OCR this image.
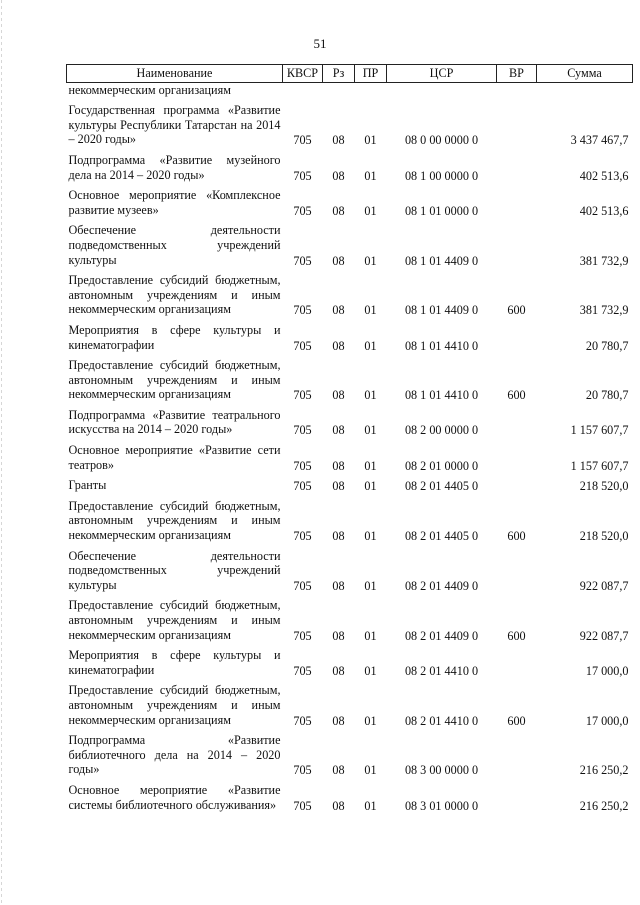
51
Наименование	КВСР	Рз	ПР	ЦСР	ВР	Сумма
некоммерческим организациям						
Государственная программа «Развитие культуры Республики Татарстан на 2014 – 2020 годы»	705	08	01	08 0 00 0000 0		3 437 467,7
Подпрограмма «Развитие музейного дела на 2014 – 2020 годы»	705	08	01	08 1 00 0000 0		402 513,6
Основное мероприятие «Комплексное развитие музеев»	705	08	01	08 1 01 0000 0		402 513,6
Обеспечение деятельности подведомственных учреждений культуры	705	08	01	08 1 01 4409 0		381 732,9
Предоставление субсидий бюджетным, автономным учреждениям и иным некоммерческим организациям	705	08	01	08 1 01 4409 0	600	381 732,9
Мероприятия в сфере культуры и кинематографии	705	08	01	08 1 01 4410 0		20 780,7
Предоставление субсидий бюджетным, автономным учреждениям и иным некоммерческим организациям	705	08	01	08 1 01 4410 0	600	20 780,7
Подпрограмма «Развитие театрального искусства на 2014 – 2020 годы»	705	08	01	08 2 00 0000 0		1 157 607,7
Основное мероприятие «Развитие сети театров»	705	08	01	08 2 01 0000 0		1 157 607,7
Гранты	705	08	01	08 2 01 4405 0		218 520,0
Предоставление субсидий бюджетным, автономным учреждениям и иным некоммерческим организациям	705	08	01	08 2 01 4405 0	600	218 520,0
Обеспечение деятельности подведомственных учреждений культуры	705	08	01	08 2 01 4409 0		922 087,7
Предоставление субсидий бюджетным, автономным учреждениям и иным некоммерческим организациям	705	08	01	08 2 01 4409 0	600	922 087,7
Мероприятия в сфере культуры и кинематографии	705	08	01	08 2 01 4410 0		17 000,0
Предоставление субсидий бюджетным, автономным учреждениям и иным некоммерческим организациям	705	08	01	08 2 01 4410 0	600	17 000,0
Подпрограмма «Развитие библиотечного дела на 2014 – 2020 годы»	705	08	01	08 3 00 0000 0		216 250,2
Основное мероприятие «Развитие системы библиотечного обслуживания»	705	08	01	08 3 01 0000 0		216 250,2
